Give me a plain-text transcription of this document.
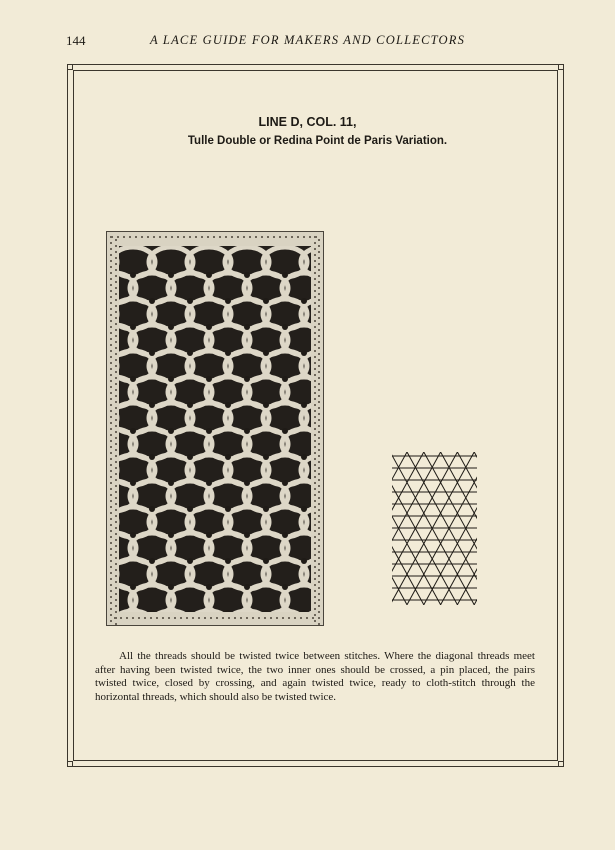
144	A LACE GUIDE FOR MAKERS AND COLLECTORS
LINE D, COL. 11,
Tulle Double or Redina Point de Paris Variation.

All the threads should be twisted twice between stitches. Where the diagonal threads meet after having been twisted twice, the two inner ones should be crossed, a pin placed, the pairs twisted twice, closed by crossing, and again twisted twice, ready to cloth-stitch through the horizontal threads, which should also be twisted twice.
